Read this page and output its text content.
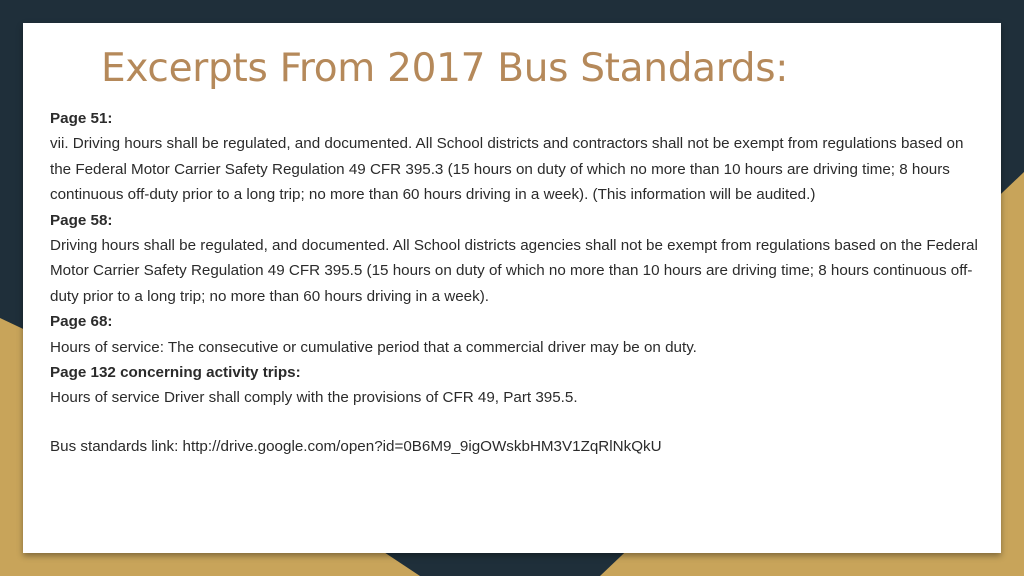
Excerpts From 2017 Bus Standards:

Page 51:

vii. Driving hours shall be regulated, and documented. All School districts and contractors shall not be exempt from regulations based on the Federal Motor Carrier Safety Regulation 49 CFR 395.3 (15 hours on duty of which no more than 10 hours are driving time; 8 hours continuous off-duty prior to a long trip; no more than 60 hours driving in a week). (This information will be audited.)

Page 58:

Driving hours shall be regulated, and documented. All School districts agencies shall not be exempt from regulations based on the Federal Motor Carrier Safety Regulation 49 CFR 395.5 (15 hours on duty of which no more than 10 hours are driving time; 8 hours continuous off-duty prior to a long trip; no more than 60 hours driving in a week).

Page 68:

Hours of service: The consecutive or cumulative period that a commercial driver may be on duty.

Page 132 concerning activity trips:

Hours of service Driver shall comply with the provisions of CFR 49, Part 395.5.

Bus standards link: http://drive.google.com/open?id=0B6M9_9igOWskbHM3V1ZqRlNkQkU
